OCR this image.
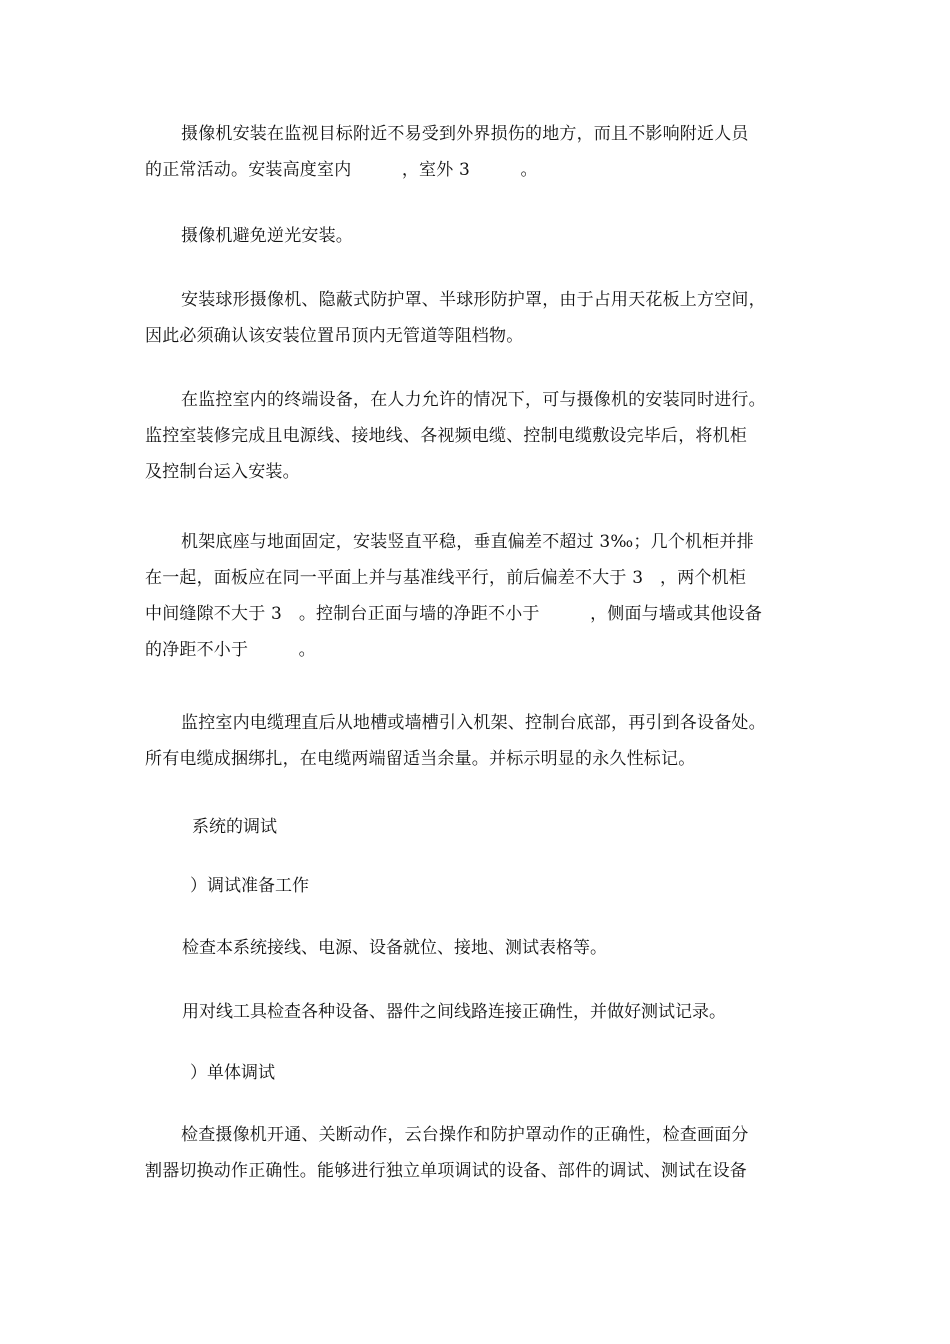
摄像机安装在监视目标附近不易受到外界损伤的地方，而且不影响附近人员
的正常活动。安装高度室内         ，室外 3         。
摄像机避免逆光安装。
安装球形摄像机、隐蔽式防护罩、半球形防护罩，由于占用天花板上方空间，
因此必须确认该安装位置吊顶内无管道等阻档物。
在监控室内的终端设备，在人力允许的情况下，可与摄像机的安装同时进行。
监控室装修完成且电源线、接地线、各视频电缆、控制电缆敷设完毕后，将机柜
及控制台运入安装。
机架底座与地面固定，安装竖直平稳，垂直偏差不超过 3‰；几个机柜并排
在一起，面板应在同一平面上并与基准线平行，前后偏差不大于 3   ，两个机柜
中间缝隙不大于 3   。控制台正面与墙的净距不小于         ，侧面与墙或其他设备
的净距不小于         。
监控室内电缆理直后从地槽或墙槽引入机架、控制台底部，再引到各设备处。
所有电缆成捆绑扎，在电缆两端留适当余量。并标示明显的永久性标记。
系统的调试
）调试准备工作
检查本系统接线、电源、设备就位、接地、测试表格等。
用对线工具检查各种设备、器件之间线路连接正确性，并做好测试记录。
）单体调试
检查摄像机开通、关断动作，云台操作和防护罩动作的正确性，检查画面分
割器切换动作正确性。能够进行独立单项调试的设备、部件的调试、测试在设备
